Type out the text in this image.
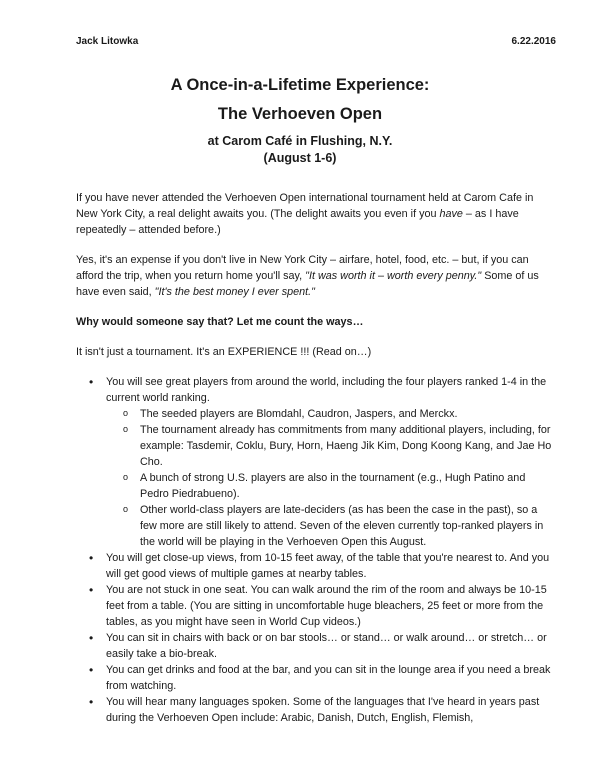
Jack Litowka	6.22.2016
A Once-in-a-Lifetime Experience:
The Verhoeven Open
at Carom Café in Flushing, N.Y.
(August 1-6)

If you have never attended the Verhoeven Open international tournament held at Carom Cafe in New York City, a real delight awaits you. (The delight awaits you even if you have – as I have repeatedly – attended before.)

Yes, it's an expense if you don't live in New York City – airfare, hotel, food, etc. – but, if you can afford the trip, when you return home you'll say, "It was worth it – worth every penny." Some of us have even said, "It's the best money I ever spent."

Why would someone say that? Let me count the ways…

It isn't just a tournament. It's an EXPERIENCE !!! (Read on…)

• You will see great players from around the world, including the four players ranked 1-4 in the current world ranking.
o The seeded players are Blomdahl, Caudron, Jaspers, and Merckx.
o The tournament already has commitments from many additional players, including, for example: Tasdemir, Coklu, Bury, Horn, Haeng Jik Kim, Dong Koong Kang, and Jae Ho Cho.
o A bunch of strong U.S. players are also in the tournament (e.g., Hugh Patino and Pedro Piedrabueno).
o Other world-class players are late-deciders (as has been the case in the past), so a few more are still likely to attend. Seven of the eleven currently top-ranked players in the world will be playing in the Verhoeven Open this August.
• You will get close-up views, from 10-15 feet away, of the table that you're nearest to. And you will get good views of multiple games at nearby tables.
• You are not stuck in one seat. You can walk around the rim of the room and always be 10-15 feet from a table. (You are sitting in uncomfortable huge bleachers, 25 feet or more from the tables, as you might have seen in World Cup videos.)
• You can sit in chairs with back or on bar stools… or stand… or walk around… or stretch… or easily take a bio-break.
• You can get drinks and food at the bar, and you can sit in the lounge area if you need a break from watching.
• You will hear many languages spoken. Some of the languages that I've heard in years past during the Verhoeven Open include: Arabic, Danish, Dutch, English, Flemish,
